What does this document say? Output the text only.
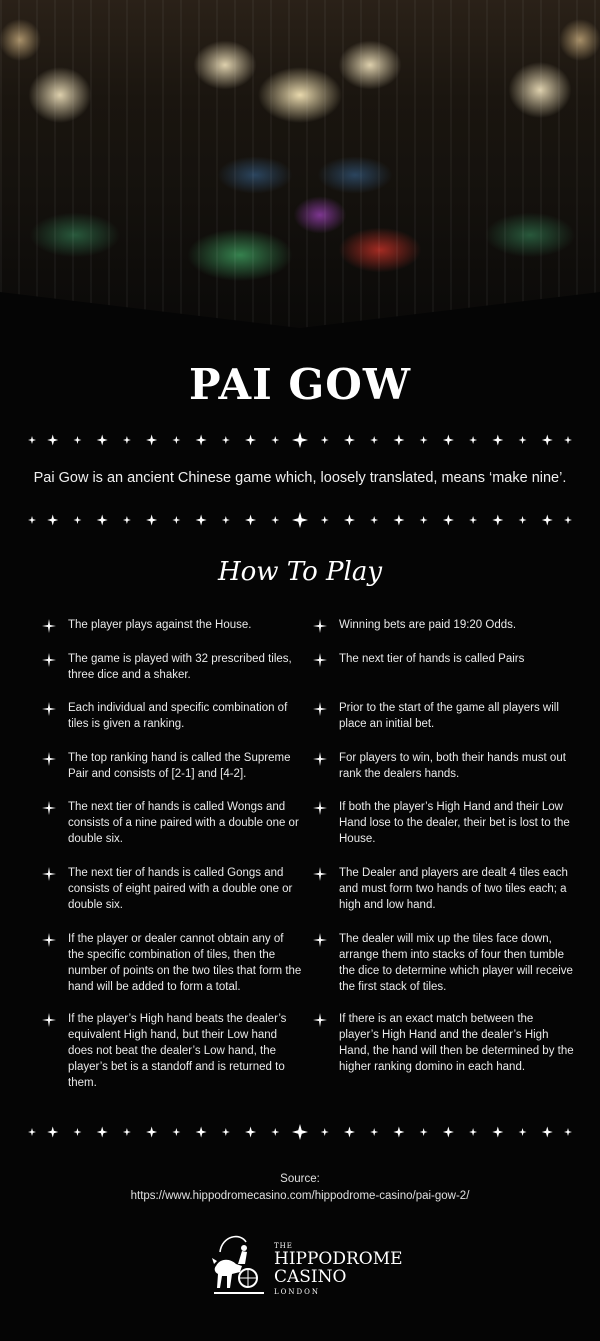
PAI GOW
Pai Gow is an ancient Chinese game which, loosely translated, means ‘make nine’.
How To Play
The player plays against the House.
The game is played with 32 prescribed tiles, three dice and a shaker.
Each individual and specific combination of tiles is given a ranking.
The top ranking hand is called the Supreme Pair and consists of [2-1] and [4-2].
The next tier of hands is called Wongs and consists of a nine paired with a double one or double six.
The next tier of hands is called Gongs and consists of eight paired with a double one or double six.
If the player or dealer cannot obtain any of the specific combination of tiles, then the number of points on the two tiles that form the hand will be added to form a total.
If the player’s High hand beats the dealer’s equivalent High hand, but their Low hand does not beat the dealer’s Low hand, the player’s bet is a standoff and is returned to them.
Winning bets are paid 19:20 Odds.
The next tier of hands is called Pairs
Prior to the start of the game all players will place an initial bet.
For players to win, both their hands must out rank the dealers hands.
If both the player’s High Hand and their Low Hand lose to the dealer, their bet is lost to the House.
The Dealer and players are dealt 4 tiles each and must form two hands of two tiles each; a high and low hand.
The dealer will mix up the tiles face down, arrange them into stacks of four then tumble the dice to determine which player will receive the first stack of tiles.
If there is an exact match between the player’s High Hand and the dealer’s High Hand, the hand will then be determined by the higher ranking domino in each hand.
Source:
https://www.hippodromecasino.com/hippodrome-casino/pai-gow-2/
THE
HIPPODROME
CASINO
LONDON
